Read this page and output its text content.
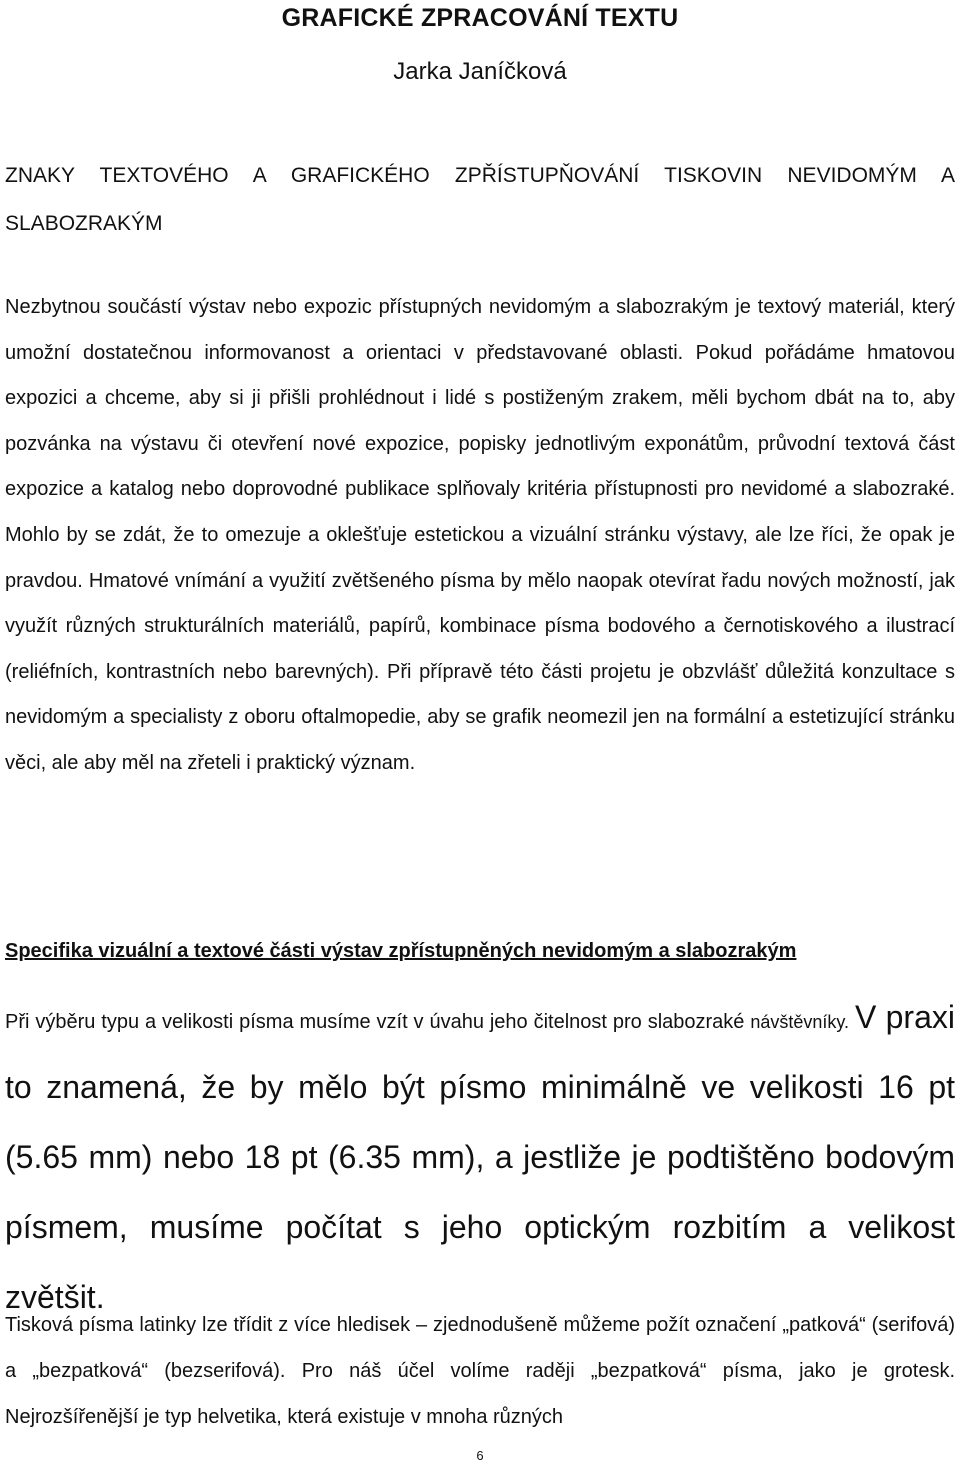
GRAFICKÉ ZPRACOVÁNÍ TEXTU
Jarka Janíčková
ZNAKY TEXTOVÉHO A GRAFICKÉHO ZPŘÍSTUPŇOVÁNÍ TISKOVIN NEVIDOMÝM A SLABOZRAKÝM
Nezbytnou součástí výstav nebo expozic přístupných nevidomým a slabozrakým je textový materiál, který umožní dostatečnou informovanost a orientaci v představované oblasti. Pokud pořádáme hmatovou expozici a chceme, aby si ji přišli prohlédnout i lidé s postiženým zrakem, měli bychom dbát na to, aby pozvánka na výstavu či otevření nové expozice, popisky jednotlivým exponátům, průvodní textová část expozice a katalog nebo doprovodné publikace splňovaly kritéria přístupnosti pro nevidomé a slabozraké. Mohlo by se zdát, že to omezuje a oklešťuje estetickou a vizuální stránku výstavy, ale lze říci, že opak je pravdou. Hmatové vnímání a využití zvětšeného písma by mělo naopak otevírat řadu nových možností, jak využít různých strukturálních materiálů, papírů, kombinace písma bodového a černotiskového a ilustrací (reliéfních, kontrastních nebo barevných). Při přípravě této části projetu je obzvlášť důležitá konzultace s nevidomým a specialisty z oboru oftalmopedie, aby se grafik neomezil jen na formální a estetizující stránku věci, ale aby měl na zřeteli i praktický význam.
Specifika vizuální a textové části výstav zpřístupněných nevidomým a slabozrakým
Při výběru typu a velikosti písma musíme vzít v úvahu jeho čitelnost pro slabozraké návštěvníky. V praxi to znamená, že by mělo být písmo minimálně ve velikosti 16 pt (5.65 mm) nebo 18 pt (6.35 mm), a jestliže je podtištěno bodovým písmem, musíme počítat s jeho optickým rozbitím a velikost zvětšit.
Tisková písma latinky lze třídit z více hledisek – zjednodušeně můžeme požít označení „patková“ (serifová) a „bezpatková“ (bezserifová). Pro náš účel volíme raději „bezpatková“ písma, jako je grotesk. Nejrozšířenější je typ helvetika, která existuje v mnoha různých
6
